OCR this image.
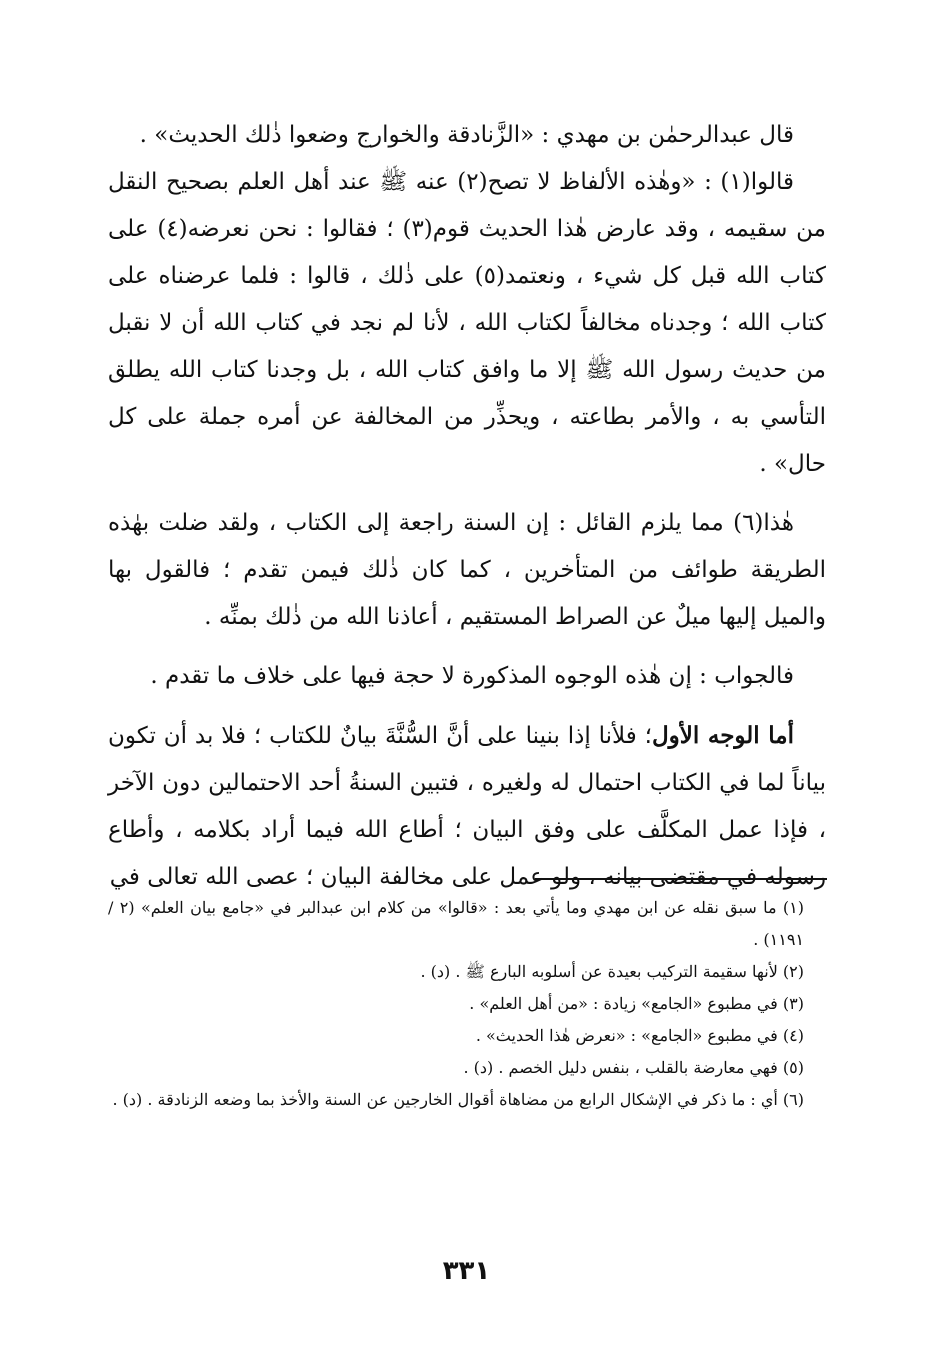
قال عبدالرحمٰن بن مهدي : «الزَّنادقة والخوارج وضعوا ذٰلك الحديث» .

قالوا(١) : «وهٰذه الألفاظ لا تصح(٢) عنه ﷺ عند أهل العلم بصحيح النقل من سقيمه ، وقد عارض هٰذا الحديث قوم(٣) ؛ فقالوا : نحن نعرضه(٤) على كتاب الله قبل كل شيء ، ونعتمد(٥) على ذٰلك ، قالوا : فلما عرضناه على كتاب الله ؛ وجدناه مخالفاً لكتاب الله ، لأنا لم نجد في كتاب الله أن لا نقبل من حديث رسول الله ﷺ إلا ما وافق كتاب الله ، بل وجدنا كتاب الله يطلق التأسي به ، والأمر بطاعته ، ويحذِّر من المخالفة عن أمره جملة على كل حال» .

هٰذا(٦) مما يلزم القائل : إن السنة راجعة إلى الكتاب ، ولقد ضلت بهٰذه الطريقة طوائف من المتأخرين ، كما كان ذٰلك فيمن تقدم ؛ فالقول بها والميل إليها ميلٌ عن الصراط المستقيم ، أعاذنا الله من ذٰلك بمنِّه .

فالجواب : إن هٰذه الوجوه المذكورة لا حجة فيها على خلاف ما تقدم .

أما الوجه الأول؛ فلأنا إذا بنينا على أنَّ السُّنَّةَ بيانٌ للكتاب ؛ فلا بد أن تكون بياناً لما في الكتاب احتمال له ولغيره ، فتبين السنةُ أحد الاحتمالين دون الآخر ، فإذا عمل المكلَّف على وفق البيان ؛ أطاع الله فيما أراد بكلامه ، وأطاع رسوله في مقتضى بيانه ، ولو عمل على مخالفة البيان ؛ عصى الله تعالى في

(١) ما سبق نقله عن ابن مهدي وما يأتي بعد : «قالوا» من كلام ابن عبدالبر في «جامع بيان العلم» (٢ / ١١٩١) .

(٢) لأنها سقيمة التركيب بعيدة عن أسلوبه البارع ﷺ . (د) .

(٣) في مطبوع «الجامع» زيادة : «من أهل العلم» .

(٤) في مطبوع «الجامع» : «نعرض هٰذا الحديث» .

(٥) فهي معارضة بالقلب ، بنفس دليل الخصم . (د) .

(٦) أي : ما ذكر في الإشكال الرابع من مضاهاة أقوال الخارجين عن السنة والأخذ بما وضعه الزنادقة . (د) .

٣٣١
